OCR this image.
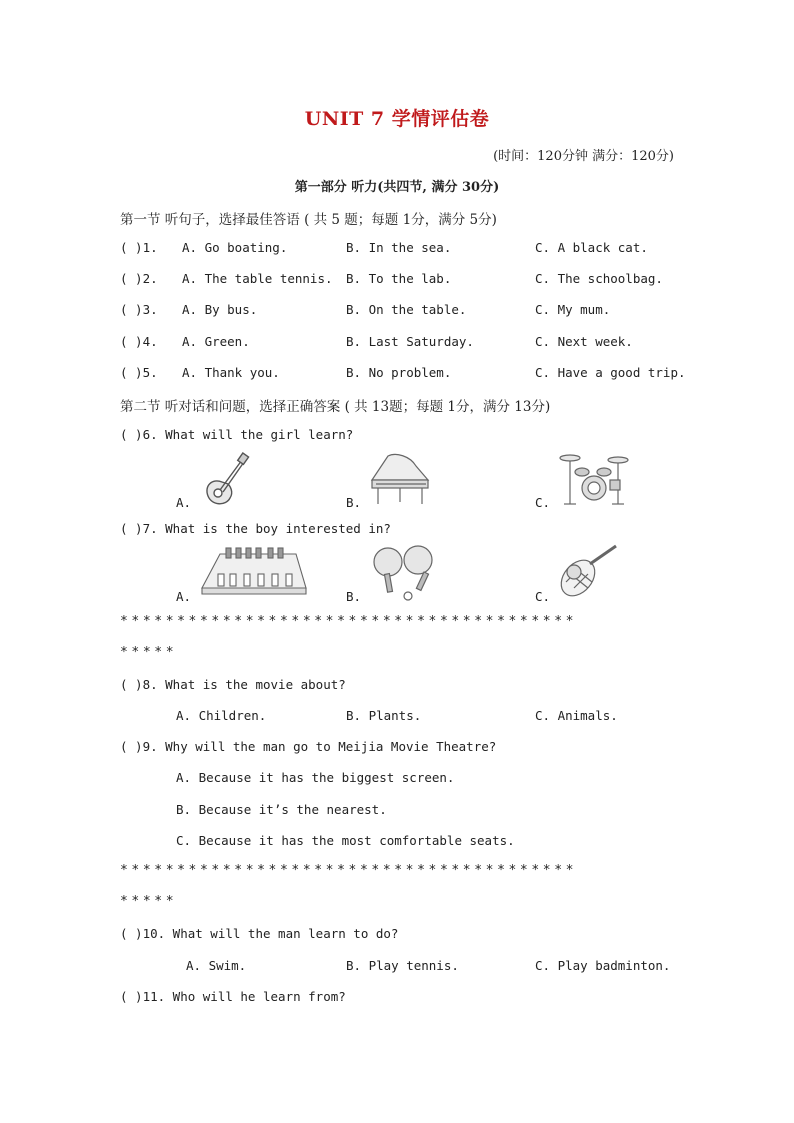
UNIT 7 学情评估卷
(时间：120分钟 满分：120分)
第一部分 听力(共四节, 满分 30分)
第一节 听句子，选择最佳答语 ( 共 5 题；每题 1分，满分 5分)
( )1. A. Go boating.	B. In the sea.	C. A black cat.
( )2. A. The table tennis. B. To the lab.	C. The schoolbag.
( )3. A. By bus.	B. On the table.	C. My mum.
( )4. A. Green.	B. Last Saturday.	C. Next week.
( )5. A. Thank you.	B. No problem.	C. Have a good trip.
第二节 听对话和问题，选择正确答案 ( 共 13题；每题 1分，满分 13分)
( )6. What will the girl learn?
A.	B.	C.
( )7. What is the boy interested in?
A.	B.	C.
****************************************
*****
( )8. What is the movie about?
A. Children.	B. Plants.	C. Animals.
( )9. Why will the man go to Meijia Movie Theatre?
A. Because it has the biggest screen.
B. Because it’s the nearest.
C. Because it has the most comfortable seats.
****************************************
*****
( )10. What will the man learn to do?
A. Swim.	B. Play tennis.	C. Play badminton.
( )11. Who will he learn from?
